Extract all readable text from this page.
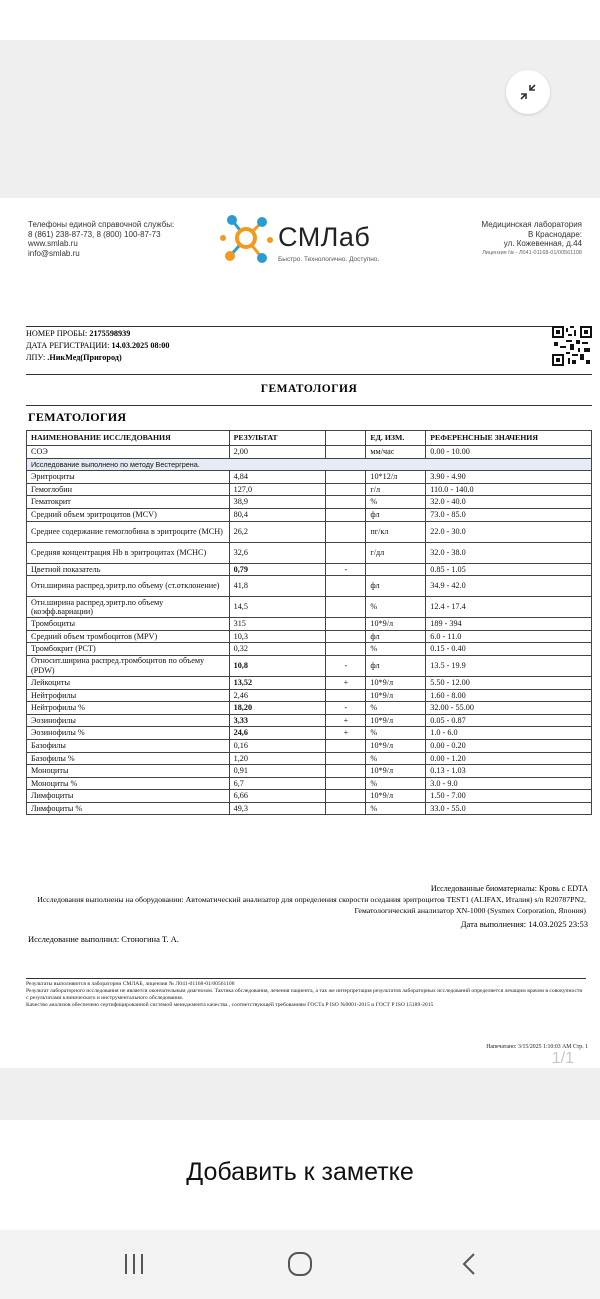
Телефоны единой справочной службы:
8 (861) 238-87-73, 8 (800) 100-87-73
www.smlab.ru
info@smlab.ru
СМЛаб
Быстро. Технологично. Доступно.
Медицинская лаборатория
В Краснодаре:
ул. Кожевенная, д.44
Лицензия № - Л041-01168-01/00561108
НОМЕР ПРОБЫ: 2175598939
ДАТА РЕГИСТРАЦИИ: 14.03.2025 08:00
ЛПУ: .НикМед(Пригород)
ГЕМАТОЛОГИЯ
ГЕМАТОЛОГИЯ
НАИМЕНОВАНИЕ ИССЛЕДОВАНИЯ	РЕЗУЛЬТАТ		ЕД. ИЗМ.	РЕФЕРЕНСНЫЕ ЗНАЧЕНИЯ
СОЭ	2,00		мм/час	0.00 - 10.00
Исследование выполнено по методу Вестергрена.				
Эритроциты	4,84		10*12/л	3.90 - 4.90
Гемоглобин	127,0		г/л	110.0 - 140.0
Гематокрит	38,9		%	32.0 - 40.0
Средний объем эритроцитов (MCV)	80,4		фл	73.0 - 85.0
Среднее содержание гемоглобина в эритроците (MCH)	26,2		пг/кл	22.0 - 30.0
Средняя концентрация Hb в эритроцитах (MCHC)	32,6		г/дл	32.0 - 38.0
Цветной показатель	0,79	-		0.85 - 1.05
Отн.ширина распред.эритр.по объему (ст.отклонение)	41,8		фл	34.9 - 42.0
Отн.ширина распред.эритр.по объему (коэфф.вариации)	14,5		%	12.4 - 17.4
Тромбоциты	315		10*9/л	189 - 394
Средний объем тромбоцитов (MPV)	10,3		фл	6.0 - 11.0
Тромбокрит (PCT)	0,32		%	0.15 - 0.40
Относит.ширина распред.тромбоцитов по объему (PDW)	10,8	-	фл	13.5 - 19.9
Лейкоциты	13,52	+	10*9/л	5.50 - 12.00
Нейтрофилы	2,46		10*9/л	1.60 - 8.00
Нейтрофилы %	18,20	-	%	32.00 - 55.00
Эозинофилы	3,33	+	10*9/л	0.05 - 0.87
Эозинофилы %	24,6	+	%	1.0 - 6.0
Базофилы	0,16		10*9/л	0.00 - 0.20
Базофилы %	1,20		%	0.00 - 1.20
Моноциты	0,91		10*9/л	0.13 - 1.03
Моноциты %	6,7		%	3.0 - 9.0
Лимфоциты	6,66		10*9/л	1.50 - 7.00
Лимфоциты %	49,3		%	33.0 - 55.0
Исследованные биоматериалы: Кровь с EDTA
Исследования выполнены на оборудовании: Автоматический анализатор для определения скорости оседания эритроцитов TEST1 (ALIFAX, Италия) s/n R20787PN2, Гематологический анализатор XN-1000 (Sysmex Corporation, Япония)
Дата выполнения: 14.03.2025 23:53
Исследование выполнил: Стоногина Т. А.
Результаты выполняются в лаборатории СМЛАБ, лицензия № Л041-01168-01/00561108
Результат лабораторного исследования не является окончательным диагнозом. Тактика обследования, лечения пациента, а так же интерпретация результатов лабораторных исследований определяется лечащим врачом в совокупности с результатами клинического и инструментального обследования.
Качество анализов обеспечено сертифицированной системой менеджмента качества , соответствующей требованиям ГОСТа Р ISO №9001-2015 и ГОСТ Р ISO 15189-2015
Напечатано: 3/15/2025 1:10:03 AM Стр. 1
1/1
Добавить к заметке
